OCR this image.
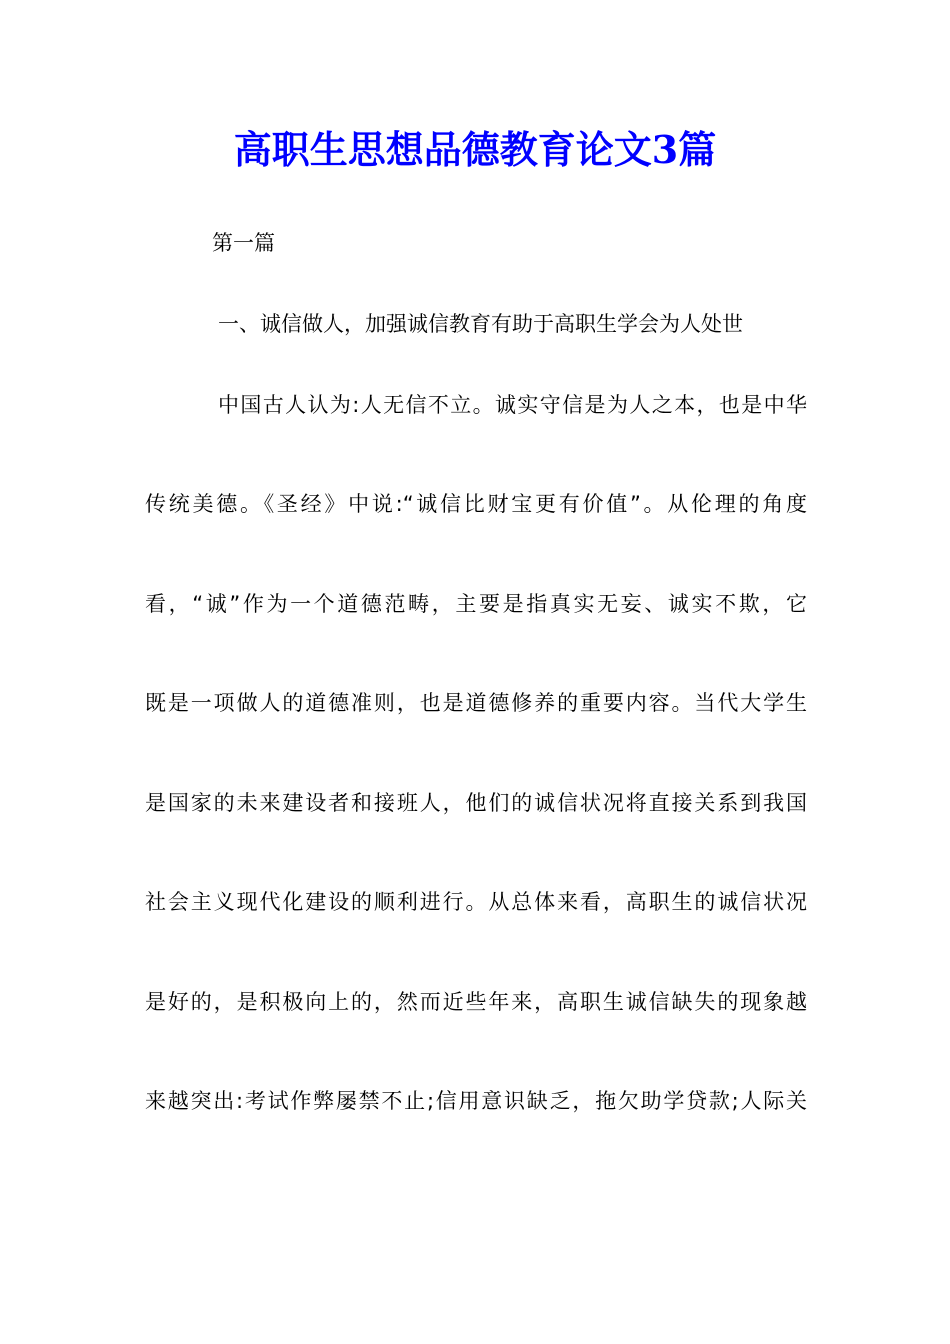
高职生思想品德教育论文3篇
第一篇
一、诚信做人，加强诚信教育有助于高职生学会为人处世
中国古人认为:人无信不立。诚实守信是为人之本，也是中华
传统美德。《圣经》中说:“诚信比财宝更有价值”。从伦理的角度
看，“诚”作为一个道德范畴，主要是指真实无妄、诚实不欺，它
既是一项做人的道德准则，也是道德修养的重要内容。当代大学生
是国家的未来建设者和接班人，他们的诚信状况将直接关系到我国
社会主义现代化建设的顺利进行。从总体来看，高职生的诚信状况
是好的，是积极向上的，然而近些年来，高职生诚信缺失的现象越
来越突出:考试作弊屡禁不止;信用意识缺乏，拖欠助学贷款;人际关
